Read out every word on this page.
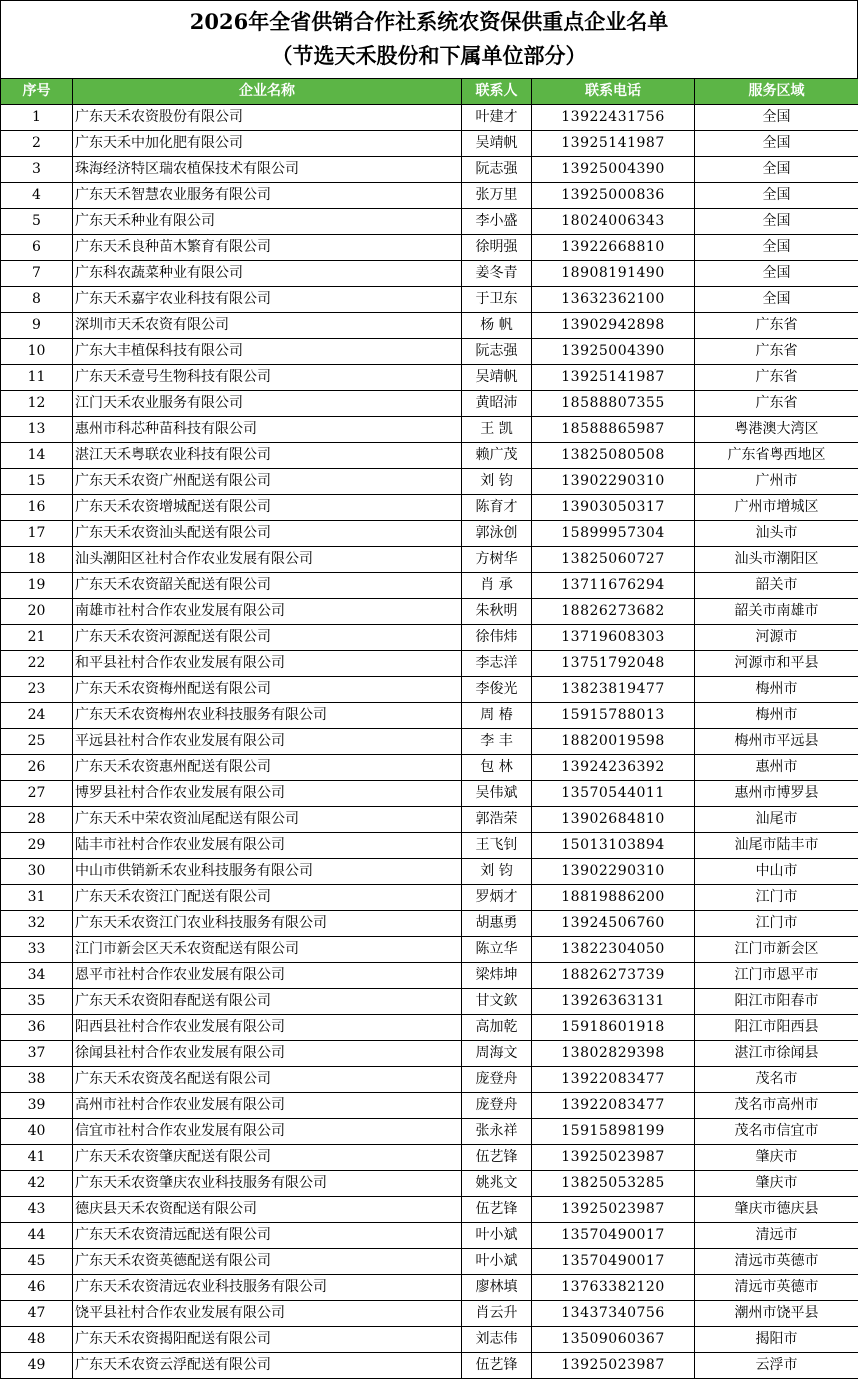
2026年全省供销合作社系统农资保供重点企业名单
（节选天禾股份和下属单位部分）
序号	企业名称	联系人	联系电话	服务区域
1	广东天禾农资股份有限公司	叶建才	13922431756	全国
2	广东天禾中加化肥有限公司	吴靖帆	13925141987	全国
3	珠海经济特区瑞农植保技术有限公司	阮志强	13925004390	全国
4	广东天禾智慧农业服务有限公司	张万里	13925000836	全国
5	广东天禾种业有限公司	李小盛	18024006343	全国
6	广东天禾良种苗木繁育有限公司	徐明强	13922668810	全国
7	广东科农蔬菜种业有限公司	姜冬青	18908191490	全国
8	广东天禾嘉宇农业科技有限公司	于卫东	13632362100	全国
9	深圳市天禾农资有限公司	杨 帆	13902942898	广东省
10	广东大丰植保科技有限公司	阮志强	13925004390	广东省
11	广东天禾壹号生物科技有限公司	吴靖帆	13925141987	广东省
12	江门天禾农业服务有限公司	黄昭沛	18588807355	广东省
13	惠州市科芯种苗科技有限公司	王 凯	18588865987	粤港澳大湾区
14	湛江天禾粤联农业科技有限公司	赖广茂	13825080508	广东省粤西地区
15	广东天禾农资广州配送有限公司	刘 钧	13902290310	广州市
16	广东天禾农资增城配送有限公司	陈育才	13903050317	广州市增城区
17	广东天禾农资汕头配送有限公司	郭泳创	15899957304	汕头市
18	汕头潮阳区社村合作农业发展有限公司	方树华	13825060727	汕头市潮阳区
19	广东天禾农资韶关配送有限公司	肖 承	13711676294	韶关市
20	南雄市社村合作农业发展有限公司	朱秋明	18826273682	韶关市南雄市
21	广东天禾农资河源配送有限公司	徐伟炜	13719608303	河源市
22	和平县社村合作农业发展有限公司	李志洋	13751792048	河源市和平县
23	广东天禾农资梅州配送有限公司	李俊光	13823819477	梅州市
24	广东天禾农资梅州农业科技服务有限公司	周 椿	15915788013	梅州市
25	平远县社村合作农业发展有限公司	李 丰	18820019598	梅州市平远县
26	广东天禾农资惠州配送有限公司	包 林	13924236392	惠州市
27	博罗县社村合作农业发展有限公司	吴伟斌	13570544011	惠州市博罗县
28	广东天禾中荣农资汕尾配送有限公司	郭浩荣	13902684810	汕尾市
29	陆丰市社村合作农业发展有限公司	王飞钊	15013103894	汕尾市陆丰市
30	中山市供销新禾农业科技服务有限公司	刘 钧	13902290310	中山市
31	广东天禾农资江门配送有限公司	罗炳才	18819886200	江门市
32	广东天禾农资江门农业科技服务有限公司	胡惠勇	13924506760	江门市
33	江门市新会区天禾农资配送有限公司	陈立华	13822304050	江门市新会区
34	恩平市社村合作农业发展有限公司	梁炜坤	18826273739	江门市恩平市
35	广东天禾农资阳春配送有限公司	甘文欽	13926363131	阳江市阳春市
36	阳西县社村合作农业发展有限公司	高加乾	15918601918	阳江市阳西县
37	徐闻县社村合作农业发展有限公司	周海文	13802829398	湛江市徐闻县
38	广东天禾农资茂名配送有限公司	庞登舟	13922083477	茂名市
39	高州市社村合作农业发展有限公司	庞登舟	13922083477	茂名市高州市
40	信宜市社村合作农业发展有限公司	张永祥	15915898199	茂名市信宜市
41	广东天禾农资肇庆配送有限公司	伍艺锋	13925023987	肇庆市
42	广东天禾农资肇庆农业科技服务有限公司	姚兆文	13825053285	肇庆市
43	德庆县天禾农资配送有限公司	伍艺锋	13925023987	肇庆市德庆县
44	广东天禾农资清远配送有限公司	叶小斌	13570490017	清远市
45	广东天禾农资英德配送有限公司	叶小斌	13570490017	清远市英德市
46	广东天禾农资清远农业科技服务有限公司	廖林填	13763382120	清远市英德市
47	饶平县社村合作农业发展有限公司	肖云升	13437340756	潮州市饶平县
48	广东天禾农资揭阳配送有限公司	刘志伟	13509060367	揭阳市
49	广东天禾农资云浮配送有限公司	伍艺锋	13925023987	云浮市
